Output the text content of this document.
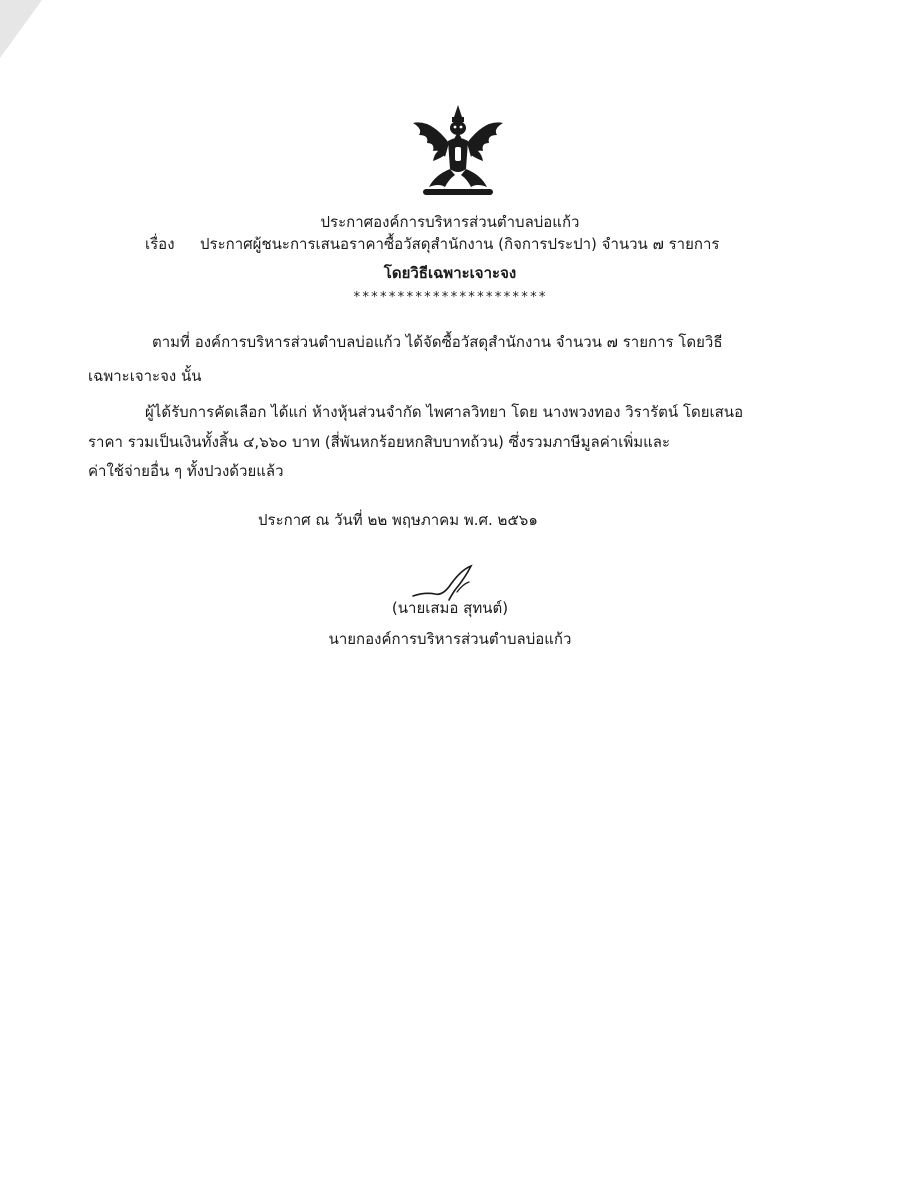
ประกาศองค์การบริหารส่วนตำบลบ่อแก้ว
เรื่อง ประกาศผู้ชนะการเสนอราคาซื้อวัสดุสำนักงาน (กิจการประปา) จำนวน ๗ รายการ
โดยวิธีเฉพาะเจาะจง
**********************
ตามที่ องค์การบริหารส่วนตำบลบ่อแก้ว ได้จัดซื้อวัสดุสำนักงาน จำนวน ๗ รายการ โดยวิธี
เฉพาะเจาะจง นั้น
ผู้ได้รับการคัดเลือก ได้แก่ ห้างหุ้นส่วนจำกัด ไพศาลวิทยา โดย นางพวงทอง วิรารัตน์ โดยเสนอ
ราคา รวมเป็นเงินทั้งสิ้น ๔,๖๖๐ บาท (สี่พันหกร้อยหกสิบบาทถ้วน) ซึ่งรวมภาษีมูลค่าเพิ่มและ
ค่าใช้จ่ายอื่น ๆ ทั้งปวงด้วยแล้ว
ประกาศ ณ วันที่ ๒๒ พฤษภาคม พ.ศ. ๒๕๖๑
(นายเสมอ สุทนต์)
นายกองค์การบริหารส่วนตำบลบ่อแก้ว
